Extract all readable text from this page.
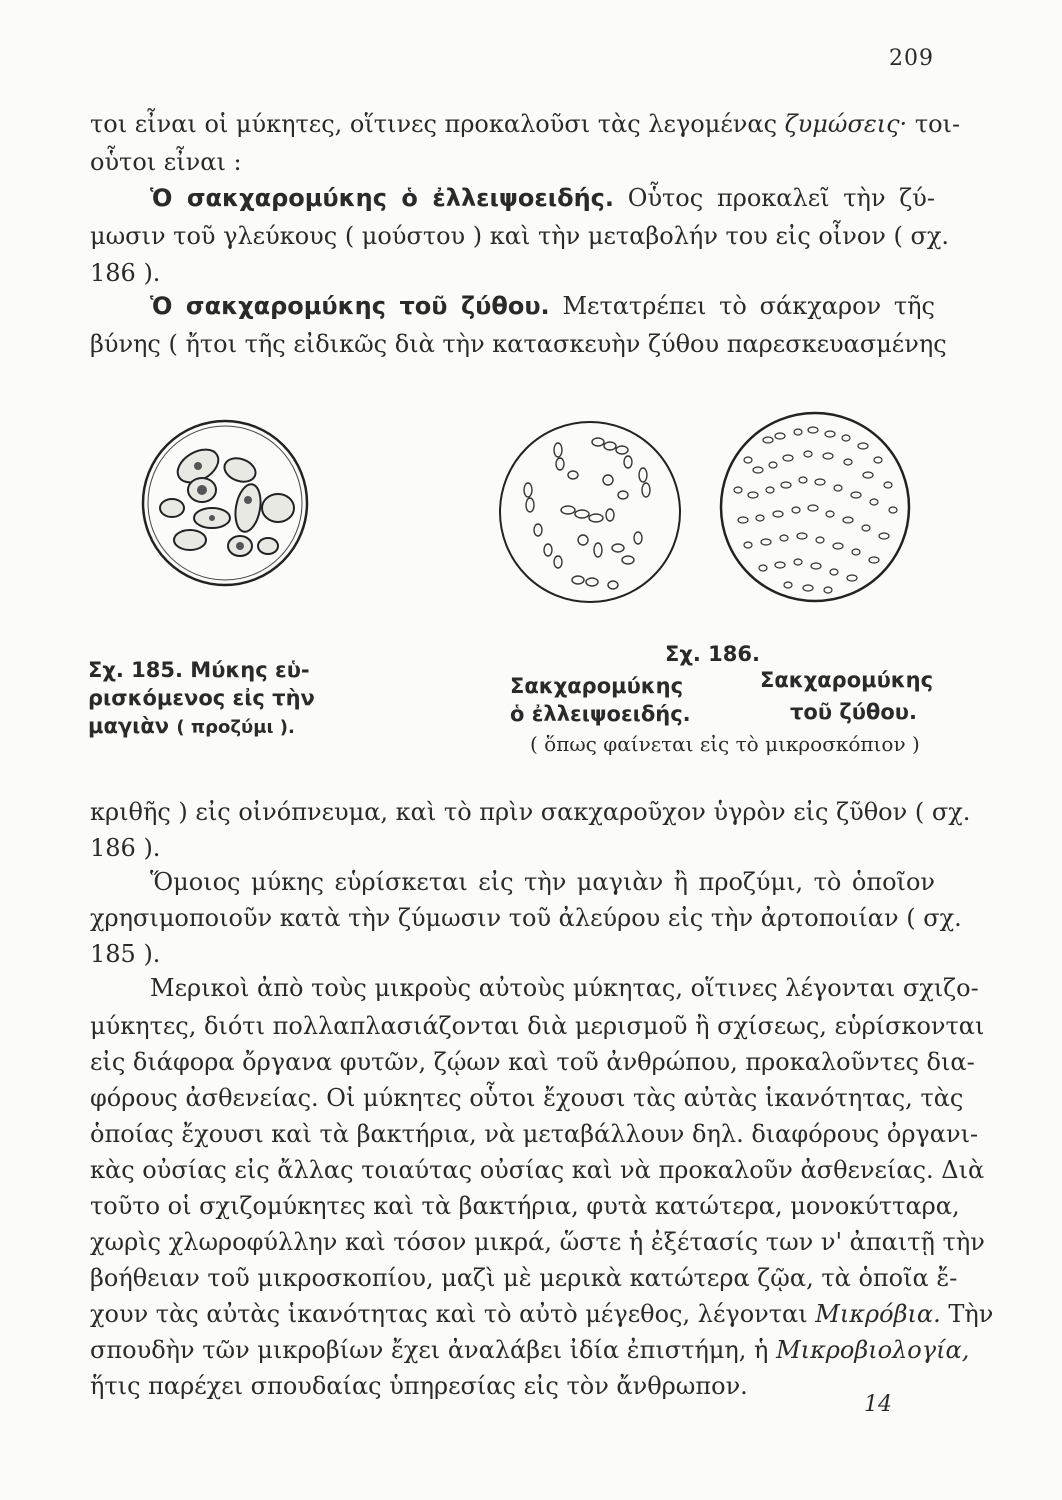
209
τοι εἶναι οἱ μύκητες, οἵτινες προκαλοῦσι τὰς λεγομένας ζυμώσεις· τοι-
οὗτοι εἶναι :
Ὁ σακχαρομύκης ὁ ἐλλειψοειδής. Οὗτος προκαλεῖ τὴν ζύ-
μωσιν τοῦ γλεύκους ( μούστου ) καὶ τὴν μεταβολήν του εἰς οἶνον ( σχ.
186 ).
Ὁ σακχαρομύκης τοῦ ζύθου. Μετατρέπει τὸ σάκχαρον τῆς
βύνης ( ἤτοι τῆς εἰδικῶς διὰ τὴν κατασκευὴν ζύθου παρεσκευασμένης
Σχ. 185. Μύκης εὑ-
ρισκόμενος εἰς τὴν
μαγιὰν ( προζύμι ).
Σχ. 186.
Σακχαρομύκης
ὁ ἐλλειψοειδής.
Σακχαρομύκης
τοῦ ζύθου.
( ὅπως φαίνεται εἰς τὸ μικροσκόπιον )
κριθῆς ) εἰς οἰνόπνευμα, καὶ τὸ πρὶν σακχαροῦχον ὑγρὸν εἰς ζῦθον ( σχ.
186 ).
Ὅμοιος μύκης εὑρίσκεται εἰς τὴν μαγιὰν ἢ προζύμι, τὸ ὁποῖον
χρησιμοποιοῦν κατὰ τὴν ζύμωσιν τοῦ ἀλεύρου εἰς τὴν ἀρτοποιίαν ( σχ.
185 ).
Μερικοὶ ἀπὸ τοὺς μικροὺς αὐτοὺς μύκητας, οἵτινες λέγονται σχιζο-
μύκητες, διότι πολλαπλασιάζονται διὰ μερισμοῦ ἢ σχίσεως, εὑρίσκονται
εἰς διάφορα ὄργανα φυτῶν, ζῴων καὶ τοῦ ἀνθρώπου, προκαλοῦντες δια-
φόρους ἀσθενείας. Οἱ μύκητες οὗτοι ἔχουσι τὰς αὐτὰς ἱκανότητας, τὰς
ὁποίας ἔχουσι καὶ τὰ βακτήρια, νὰ μεταβάλλουν δηλ. διαφόρους ὀργανι-
κὰς οὐσίας εἰς ἄλλας τοιαύτας οὐσίας καὶ νὰ προκαλοῦν ἀσθενείας. Διὰ
τοῦτο οἱ σχιζομύκητες καὶ τὰ βακτήρια, φυτὰ κατώτερα, μονοκύτταρα,
χωρὶς χλωροφύλλην καὶ τόσον μικρά, ὥστε ἡ ἐξέτασίς των ν' ἀπαιτῇ τὴν
βοήθειαν τοῦ μικροσκοπίου, μαζὶ μὲ μερικὰ κατώτερα ζῷα, τὰ ὁποῖα ἔ-
χουν τὰς αὐτὰς ἱκανότητας καὶ τὸ αὐτὸ μέγεθος, λέγονται Μικρόβια. Τὴν
σπουδὴν τῶν μικροβίων ἔχει ἀναλάβει ἰδία ἐπιστήμη, ἡ Μικροβιολογία,
ἥτις παρέχει σπουδαίας ὑπηρεσίας εἰς τὸν ἄνθρωπον.
14
